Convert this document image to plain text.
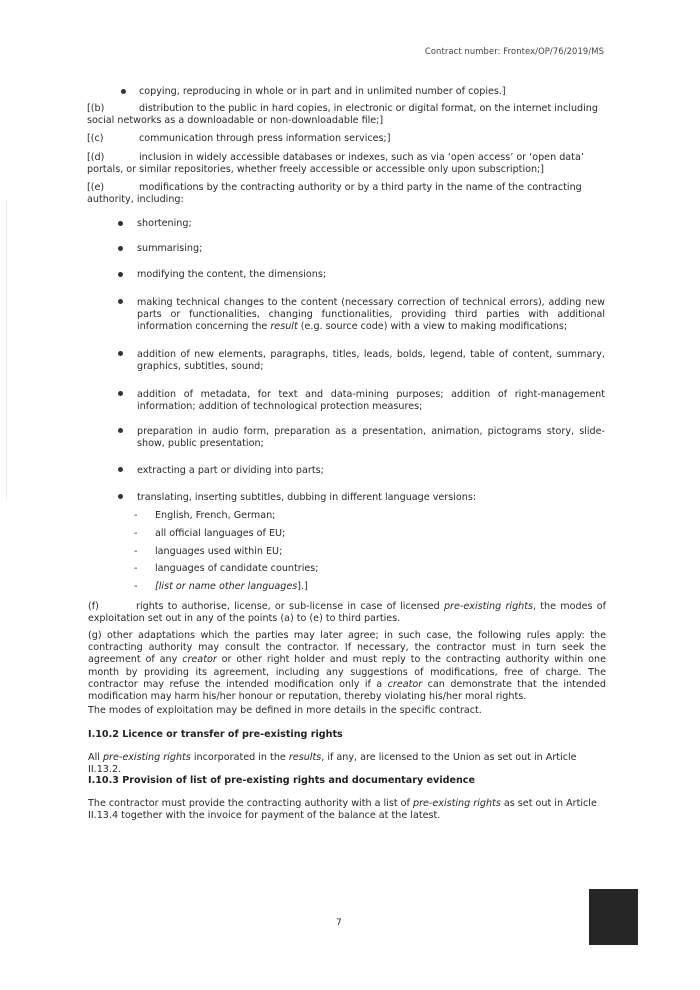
Contract number: Frontex/OP/76/2019/MS
copying, reproducing in whole or in part and in unlimited number of copies.]
[(b)	distribution to the public in hard copies, in electronic or digital format, on the internet including social networks as a downloadable or non-downloadable file;]
[(c)	communication through press information services;]
[(d)	inclusion in widely accessible databases or indexes, such as via ‘open access’ or ‘open data’ portals, or similar repositories, whether freely accessible or accessible only upon subscription;]
[(e)	modifications by the contracting authority or by a third party in the name of the contracting authority, including:
shortening;
summarising;
modifying the content, the dimensions;
making technical changes to the content (necessary correction of technical errors), adding new parts or functionalities, changing functionalities, providing third parties with additional information concerning the result (e.g. source code) with a view to making modifications;
addition of new elements, paragraphs, titles, leads, bolds, legend, table of content, summary, graphics, subtitles, sound;
addition of metadata, for text and data-mining purposes; addition of right-management information; addition of technological protection measures;
preparation in audio form, preparation as a presentation, animation, pictograms story, slide-show, public presentation;
extracting a part or dividing into parts;
translating, inserting subtitles, dubbing in different language versions:
- English, French, German;
- all official languages of EU;
- languages used within EU;
- languages of candidate countries;
- [list or name other languages].]
(f)	rights to authorise, license, or sub-license in case of licensed pre-existing rights, the modes of exploitation set out in any of the points (a) to (e) to third parties.
(g) other adaptations which the parties may later agree; in such case, the following rules apply: the contracting authority may consult the contractor. If necessary, the contractor must in turn seek the agreement of any creator or other right holder and must reply to the contracting authority within one month by providing its agreement, including any suggestions of modifications, free of charge. The contractor may refuse the intended modification only if a creator can demonstrate that the intended modification may harm his/her honour or reputation, thereby violating his/her moral rights.
The modes of exploitation may be defined in more details in the specific contract.
I.10.2 Licence or transfer of pre-existing rights
All pre-existing rights incorporated in the results, if any, are licensed to the Union as set out in Article II.13.2.
I.10.3 Provision of list of pre-existing rights and documentary evidence
The contractor must provide the contracting authority with a list of pre-existing rights as set out in Article II.13.4 together with the invoice for payment of the balance at the latest.
7
